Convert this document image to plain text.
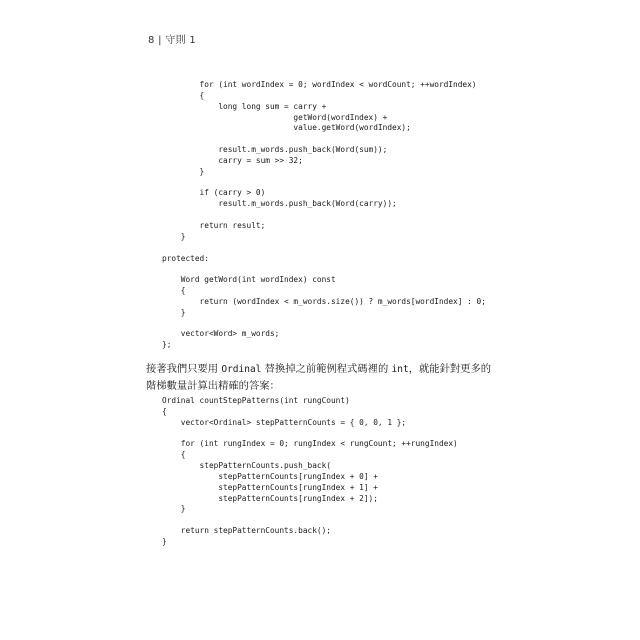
8 | 守則 1
for (int wordIndex = 0; wordIndex < wordCount; ++wordIndex)
{
long long sum = carry +
getWord(wordIndex) +
value.getWord(wordIndex);
result.m_words.push_back(Word(sum));
carry = sum >> 32;
}
if (carry > 0)
result.m_words.push_back(Word(carry));
return result;
}
protected:
Word getWord(int wordIndex) const
{
return (wordIndex < m_words.size()) ? m_words[wordIndex] : 0;
}
vector<Word> m_words;
};
接著我們只要用 Ordinal 替換掉之前範例程式碼裡的 int，就能針對更多的
階梯數量計算出精確的答案：
Ordinal countStepPatterns(int rungCount)
{
vector<Ordinal> stepPatternCounts = { 0, 0, 1 };
for (int rungIndex = 0; rungIndex < rungCount; ++rungIndex)
{
stepPatternCounts.push_back(
stepPatternCounts[rungIndex + 0] +
stepPatternCounts[rungIndex + 1] +
stepPatternCounts[rungIndex + 2]);
}
return stepPatternCounts.back();
}
